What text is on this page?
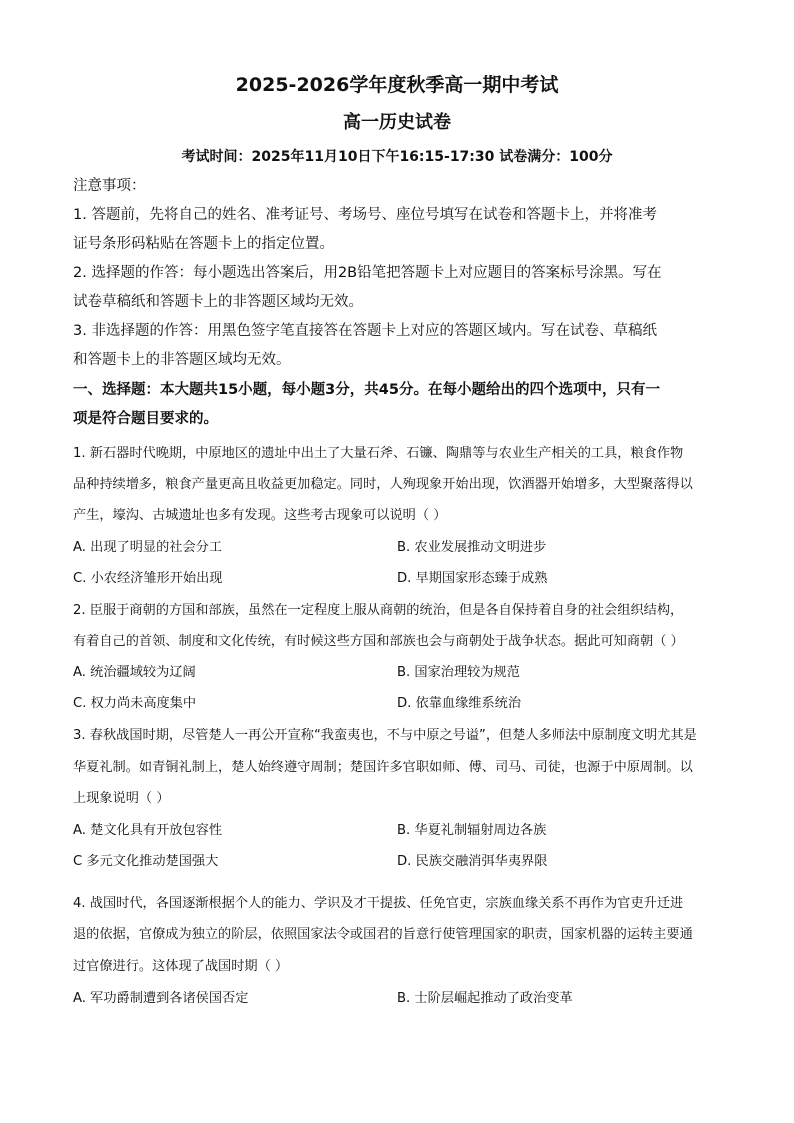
2025-2026学年度秋季高一期中考试
高一历史试卷
考试时间：2025年11月10日下午16:15-17:30 试卷满分：100分
注意事项：
1. 答题前，先将自己的姓名、准考证号、考场号、座位号填写在试卷和答题卡上，并将准考
证号条形码粘贴在答题卡上的指定位置。
2. 选择题的作答：每小题选出答案后，用2B铅笔把答题卡上对应题目的答案标号涂黑。写在
试卷草稿纸和答题卡上的非答题区域均无效。
3. 非选择题的作答：用黑色签字笔直接答在答题卡上对应的答题区域内。写在试卷、草稿纸
和答题卡上的非答题区域均无效。
一、选择题：本大题共15小题，每小题3分，共45分。在每小题给出的四个选项中，只有一
项是符合题目要求的。
1. 新石器时代晚期，中原地区的遗址中出土了大量石斧、石镰、陶鼎等与农业生产相关的工具，粮食作物
品种持续增多，粮食产量更高且收益更加稳定。同时，人殉现象开始出现，饮酒器开始增多，大型聚落得以
产生，壕沟、古城遗址也多有发现。这些考古现象可以说明（ ）
A. 出现了明显的社会分工	B. 农业发展推动文明进步
C. 小农经济雏形开始出现	D. 早期国家形态臻于成熟
2. 臣服于商朝的方国和部族，虽然在一定程度上服从商朝的统治，但是各自保持着自身的社会组织结构，
有着自己的首领、制度和文化传统，有时候这些方国和部族也会与商朝处于战争状态。据此可知商朝（ ）
A. 统治疆域较为辽阔	B. 国家治理较为规范
C. 权力尚未高度集中	D. 依靠血缘维系统治
3. 春秋战国时期，尽管楚人一再公开宣称“我蛮夷也，不与中原之号谥”，但楚人多师法中原制度文明尤其是
华夏礼制。如青铜礼制上，楚人始终遵守周制；楚国许多官职如师、傅、司马、司徒，也源于中原周制。以
上现象说明（ ）
A. 楚文化具有开放包容性	B. 华夏礼制辐射周边各族
C 多元文化推动楚国强大	D. 民族交融消弭华夷界限
4. 战国时代，各国逐渐根据个人的能力、学识及才干提拔、任免官吏，宗族血缘关系不再作为官吏升迁进
退的依据，官僚成为独立的阶层，依照国家法令或国君的旨意行使管理国家的职责，国家机器的运转主要通
过官僚进行。这体现了战国时期（ ）
A. 军功爵制遭到各诸侯国否定	B. 士阶层崛起推动了政治变革
